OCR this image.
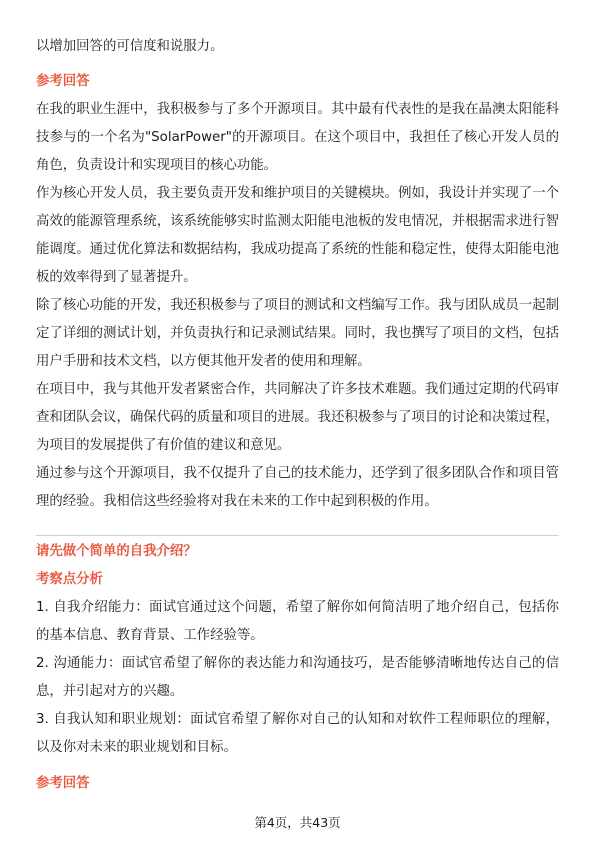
以增加回答的可信度和说服力。

参考回答

在我的职业生涯中，我积极参与了多个开源项目。其中最有代表性的是我在晶澳太阳能科技参与的一个名为"SolarPower"的开源项目。在这个项目中，我担任了核心开发人员的角色，负责设计和实现项目的核心功能。

作为核心开发人员，我主要负责开发和维护项目的关键模块。例如，我设计并实现了一个高效的能源管理系统，该系统能够实时监测太阳能电池板的发电情况，并根据需求进行智能调度。通过优化算法和数据结构，我成功提高了系统的性能和稳定性，使得太阳能电池板的效率得到了显著提升。

除了核心功能的开发，我还积极参与了项目的测试和文档编写工作。我与团队成员一起制定了详细的测试计划，并负责执行和记录测试结果。同时，我也撰写了项目的文档，包括用户手册和技术文档，以方便其他开发者的使用和理解。

在项目中，我与其他开发者紧密合作，共同解决了许多技术难题。我们通过定期的代码审查和团队会议，确保代码的质量和项目的进展。我还积极参与了项目的讨论和决策过程，为项目的发展提供了有价值的建议和意见。

通过参与这个开源项目，我不仅提升了自己的技术能力，还学到了很多团队合作和项目管理的经验。我相信这些经验将对我在未来的工作中起到积极的作用。

请先做个简单的自我介绍？

考察点分析

1. 自我介绍能力：面试官通过这个问题，希望了解你如何简洁明了地介绍自己，包括你的基本信息、教育背景、工作经验等。

2. 沟通能力：面试官希望了解你的表达能力和沟通技巧，是否能够清晰地传达自己的信息，并引起对方的兴趣。

3. 自我认知和职业规划：面试官希望了解你对自己的认知和对软件工程师职位的理解，以及你对未来的职业规划和目标。

参考回答

第4页，共43页
